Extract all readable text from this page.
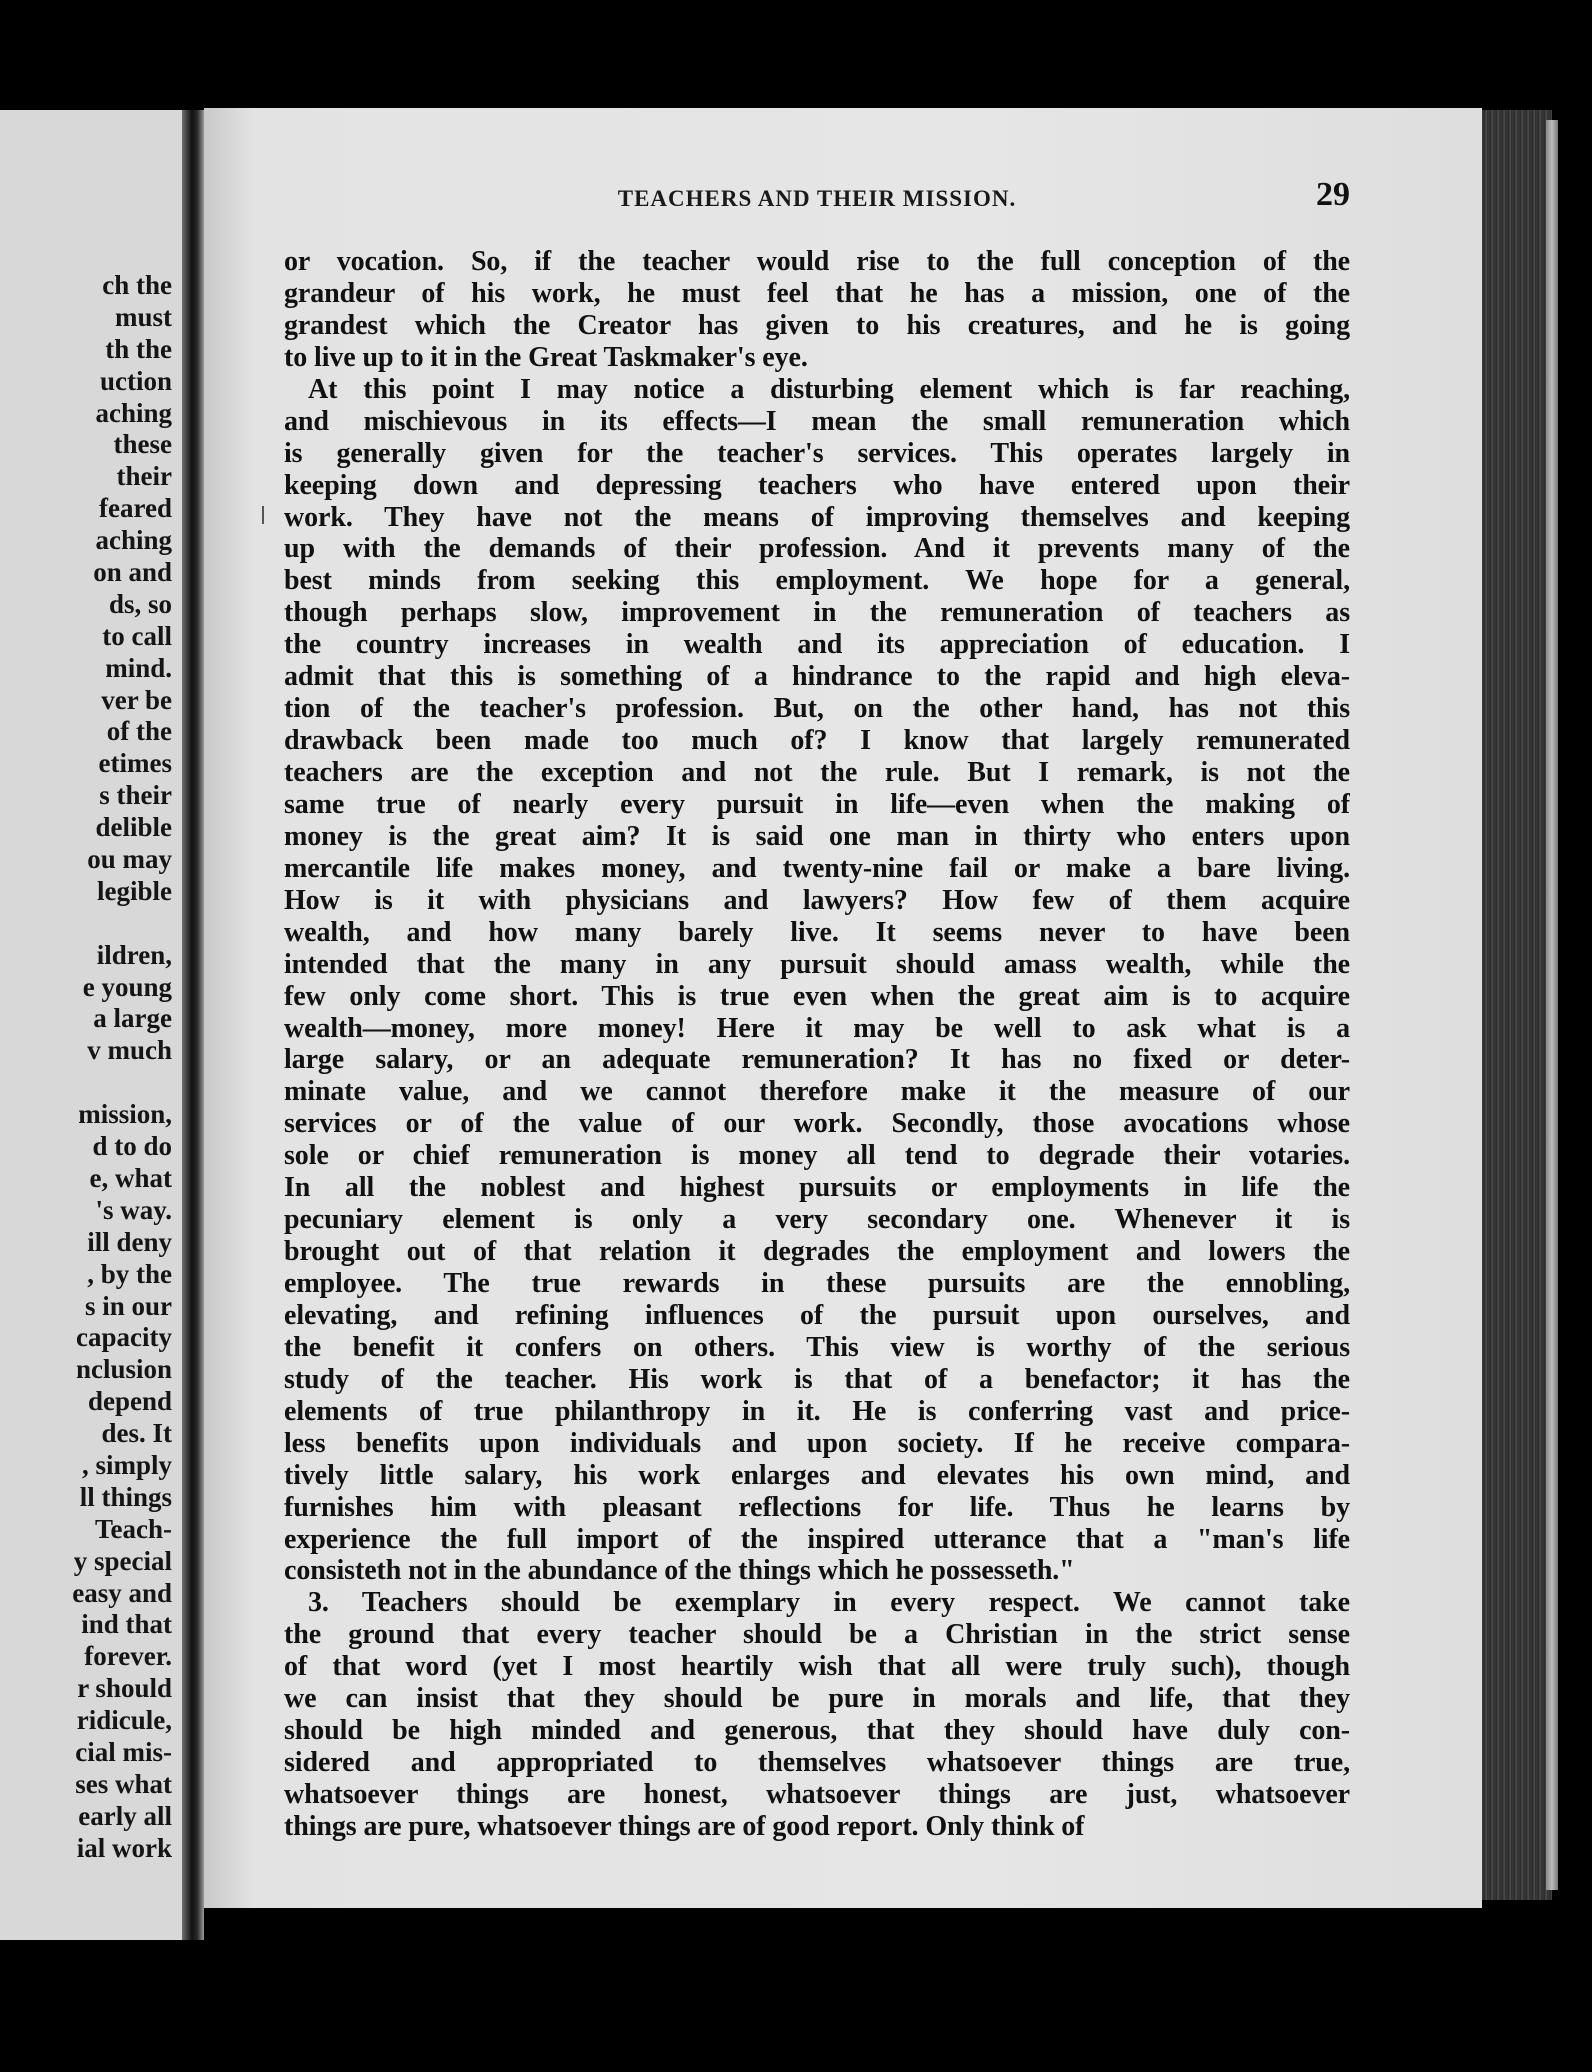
ch the
must
th the
uction
aching
these
their
feared
aching
on and
ds, so
to call
mind.
ver be
of the
etimes
s their
delible
ou may
legible
ildren,
e young
a large
v much
mission,
d to do
e, what
's way.
ill deny
, by the
s in our
capacity
nclusion
depend
des. It
, simply
ll things
Teach-
y special
easy and
ind that
forever.
r should
ridicule,
cial mis-
ses what
early all
ial work
TEACHERS AND THEIR MISSION.	29
or vocation. So, if the teacher would rise to the full conception of the
grandeur of his work, he must feel that he has a mission, one of the
grandest which the Creator has given to his creatures, and he is going
to live up to it in the Great Taskmaker's eye.
At this point I may notice a disturbing element which is far reaching,
and mischievous in its effects—I mean the small remuneration which
is generally given for the teacher's services. This operates largely in
keeping down and depressing teachers who have entered upon their
work. They have not the means of improving themselves and keeping
up with the demands of their profession. And it prevents many of the
best minds from seeking this employment. We hope for a general,
though perhaps slow, improvement in the remuneration of teachers as
the country increases in wealth and its appreciation of education. I
admit that this is something of a hindrance to the rapid and high eleva-
tion of the teacher's profession. But, on the other hand, has not this
drawback been made too much of? I know that largely remunerated
teachers are the exception and not the rule. But I remark, is not the
same true of nearly every pursuit in life—even when the making of
money is the great aim? It is said one man in thirty who enters upon
mercantile life makes money, and twenty-nine fail or make a bare living.
How is it with physicians and lawyers? How few of them acquire
wealth, and how many barely live. It seems never to have been
intended that the many in any pursuit should amass wealth, while the
few only come short. This is true even when the great aim is to acquire
wealth—money, more money! Here it may be well to ask what is a
large salary, or an adequate remuneration? It has no fixed or deter-
minate value, and we cannot therefore make it the measure of our
services or of the value of our work. Secondly, those avocations whose
sole or chief remuneration is money all tend to degrade their votaries.
In all the noblest and highest pursuits or employments in life the
pecuniary element is only a very secondary one. Whenever it is
brought out of that relation it degrades the employment and lowers the
employee. The true rewards in these pursuits are the ennobling,
elevating, and refining influences of the pursuit upon ourselves, and
the benefit it confers on others. This view is worthy of the serious
study of the teacher. His work is that of a benefactor; it has the
elements of true philanthropy in it. He is conferring vast and price-
less benefits upon individuals and upon society. If he receive compara-
tively little salary, his work enlarges and elevates his own mind, and
furnishes him with pleasant reflections for life. Thus he learns by
experience the full import of the inspired utterance that a "man's life
consisteth not in the abundance of the things which he possesseth."
3. Teachers should be exemplary in every respect. We cannot take
the ground that every teacher should be a Christian in the strict sense
of that word (yet I most heartily wish that all were truly such), though
we can insist that they should be pure in morals and life, that they
should be high minded and generous, that they should have duly con-
sidered and appropriated to themselves whatsoever things are true,
whatsoever things are honest, whatsoever things are just, whatsoever
things are pure, whatsoever things are of good report. Only think of
